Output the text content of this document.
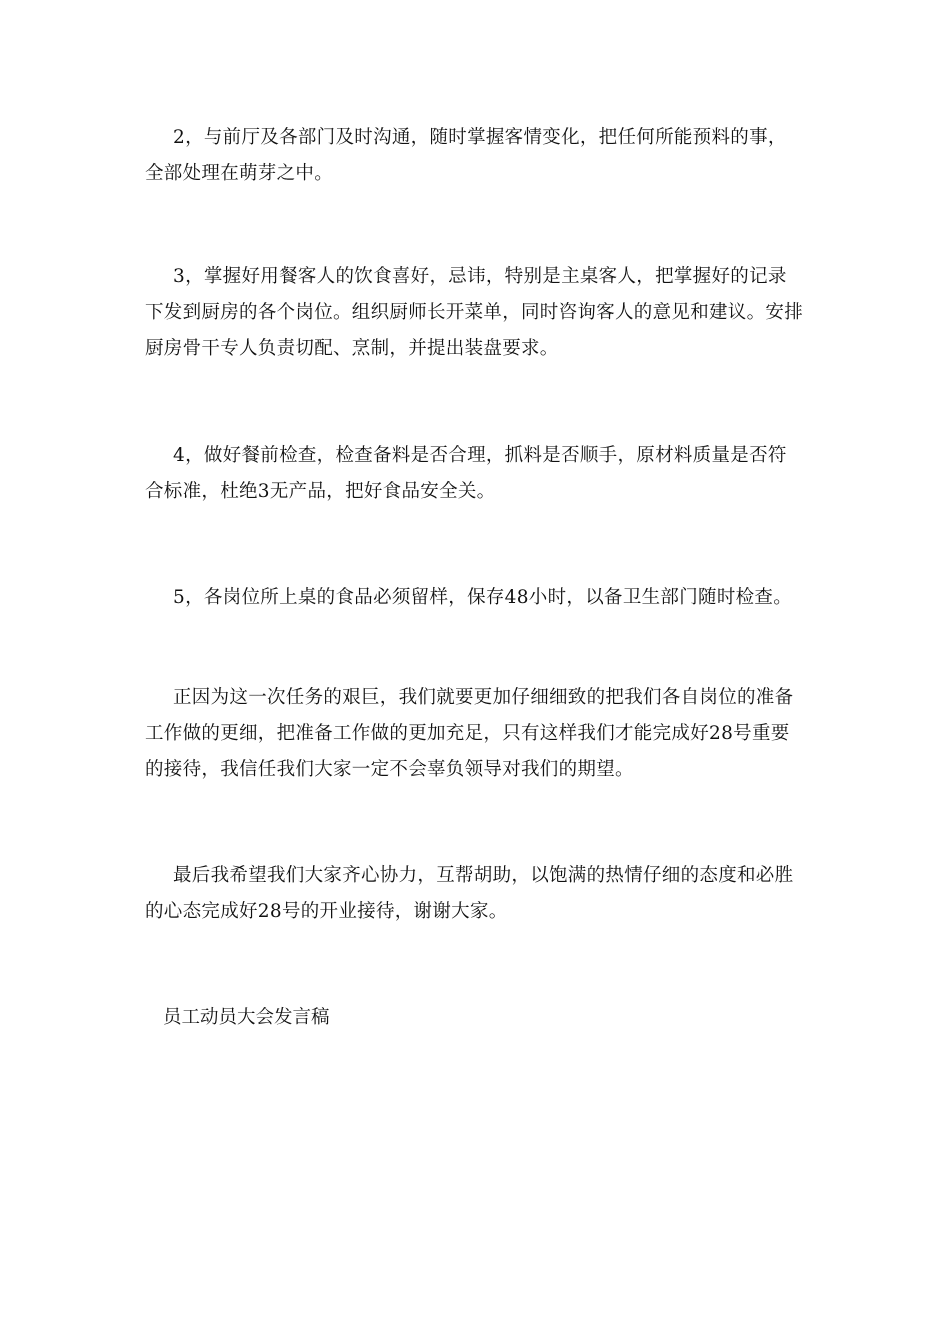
2，与前厅及各部门及时沟通，随时掌握客情变化，把任何所能预料的事，全部处理在萌芽之中。

3，掌握好用餐客人的饮食喜好，忌讳，特别是主桌客人，把掌握好的记录下发到厨房的各个岗位。组织厨师长开菜单，同时咨询客人的意见和建议。安排厨房骨干专人负责切配、烹制，并提出装盘要求。

4，做好餐前检查，检查备料是否合理，抓料是否顺手，原材料质量是否符合标准，杜绝3无产品，把好食品安全关。

5，各岗位所上桌的食品必须留样，保存48小时，以备卫生部门随时检查。

正因为这一次任务的艰巨，我们就要更加仔细细致的把我们各自岗位的准备工作做的更细，把准备工作做的更加充足，只有这样我们才能完成好28号重要的接待，我信任我们大家一定不会辜负领导对我们的期望。

最后我希望我们大家齐心协力，互帮胡助，以饱满的热情仔细的态度和必胜的心态完成好28号的开业接待，谢谢大家。

员工动员大会发言稿
